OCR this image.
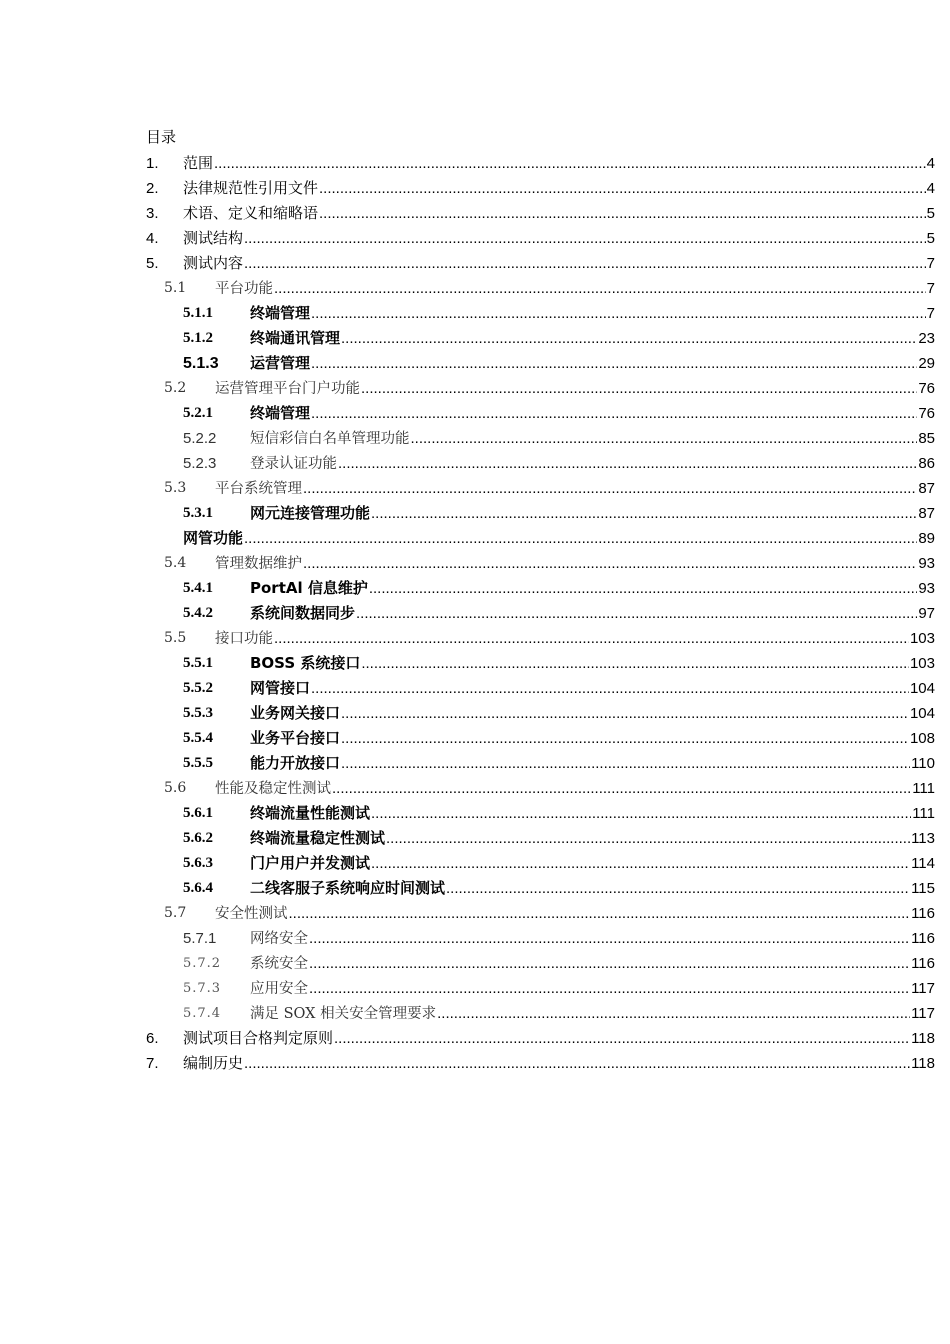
目录
1. 范围 .....	4
2. 法律规范性引用文件 .....	4
3. 术语、定义和缩略语 .....	5
4. 测试结构 .....	5
5. 测试内容 .....	7
5.1 平台功能 .....	7
5.1.1 终端管理 .....	7
5.1.2 终端通讯管理 .....	23
5.1.3 运营管理 .....	29
5.2 运营管理平台门户功能 .....	76
5.2.1 终端管理 .....	76
5.2.2 短信彩信白名单管理功能 .....	85
5.2.3 登录认证功能 .....	86
5.3 平台系统管理 .....	87
5.3.1 网元连接管理功能 .....	87
网管功能 .....	89
5.4 管理数据维护 .....	93
5.4.1 PortAl 信息维护 .....	93
5.4.2 系统间数据同步 .....	97
5.5 接口功能 .....	103
5.5.1 BOSS 系统接口 .....	103
5.5.2 网管接口 .....	104
5.5.3 业务网关接口 .....	104
5.5.4 业务平台接口 .....	108
5.5.5 能力开放接口 .....	110
5.6 性能及稳定性测试 .....	111
5.6.1 终端流量性能测试 .....	111
5.6.2 终端流量稳定性测试 .....	113
5.6.3 门户用户并发测试 .....	114
5.6.4 二线客服子系统响应时间测试 .....	115
5.7 安全性测试 .....	116
5.7.1 网络安全 .....	116
5.7.2 系统安全 .....	116
5.7.3 应用安全 .....	117
5.7.4 满足 SOX 相关安全管理要求 .....	117
6. 测试项目合格判定原则 .....	118
7. 编制历史 .....	118
